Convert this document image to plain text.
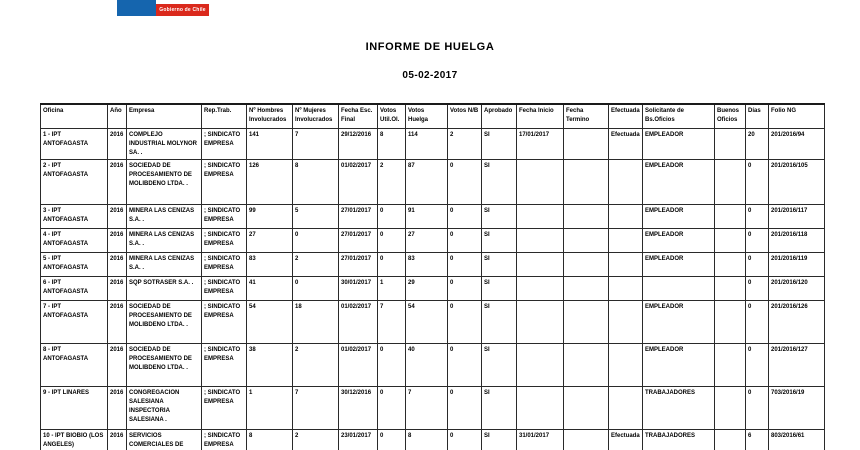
Gobierno de Chile
INFORME DE HUELGA
05-02-2017
Oficina	Año	Empresa	Rep.Trab.	Nº Hombres Involucrados	Nº Mujeres Involucrados	Fecha Esc. Final	Votos Util.Ol.	Votos Huelga	Votos N/B	Aprobado	Fecha Inicio	Fecha Termino	Efectuada	Solicitante de Bs.Oficios	Buenos Oficios	Días	Folio NG
1 - IPT ANTOFAGASTA	2016	COMPLEJO INDUSTRIAL MOLYNOR SA. .	; SINDICATO EMPRESA	141	7	29/12/2016	8	114	2	SI	17/01/2017		Efectuada	EMPLEADOR		20	201/2016/94
2 - IPT ANTOFAGASTA	2016	SOCIEDAD DE PROCESAMIENTO DE MOLIBDENO LTDA. .	; SINDICATO EMPRESA	126	8	01/02/2017	2	87	0	SI				EMPLEADOR		0	201/2016/105
3 - IPT ANTOFAGASTA	2016	MINERA LAS CENIZAS S.A. .	; SINDICATO EMPRESA	99	5	27/01/2017	0	91	0	SI				EMPLEADOR		0	201/2016/117
4 - IPT ANTOFAGASTA	2016	MINERA LAS CENIZAS S.A. .	; SINDICATO EMPRESA	27	0	27/01/2017	0	27	0	SI				EMPLEADOR		0	201/2016/118
5 - IPT ANTOFAGASTA	2016	MINERA LAS CENIZAS S.A. .	; SINDICATO EMPRESA	83	2	27/01/2017	0	83	0	SI				EMPLEADOR		0	201/2016/119
6 - IPT ANTOFAGASTA	2016	SQP SOTRASER S.A. .	; SINDICATO EMPRESA	41	0	30/01/2017	1	29	0	SI						0	201/2016/120
7 - IPT ANTOFAGASTA	2016	SOCIEDAD DE PROCESAMIENTO DE MOLIBDENO LTDA. .	; SINDICATO EMPRESA	54	18	01/02/2017	7	54	0	SI				EMPLEADOR		0	201/2016/126
8 - IPT ANTOFAGASTA	2016	SOCIEDAD DE PROCESAMIENTO DE MOLIBDENO LTDA. .	; SINDICATO EMPRESA	38	2	01/02/2017	0	40	0	SI				EMPLEADOR		0	201/2016/127
9 - IPT LINARES	2016	CONGREGACION SALESIANA INSPECTORIA SALESIANA .	; SINDICATO EMPRESA	1	7	30/12/2016	0	7	0	SI				TRABAJADORES		0	703/2016/19
10 - IPT BIOBIO (LOS ANGELES)	2016	SERVICIOS COMERCIALES DE	; SINDICATO EMPRESA	8	2	23/01/2017	0	8	0	SI	31/01/2017		Efectuada	TRABAJADORES		6	803/2016/61
